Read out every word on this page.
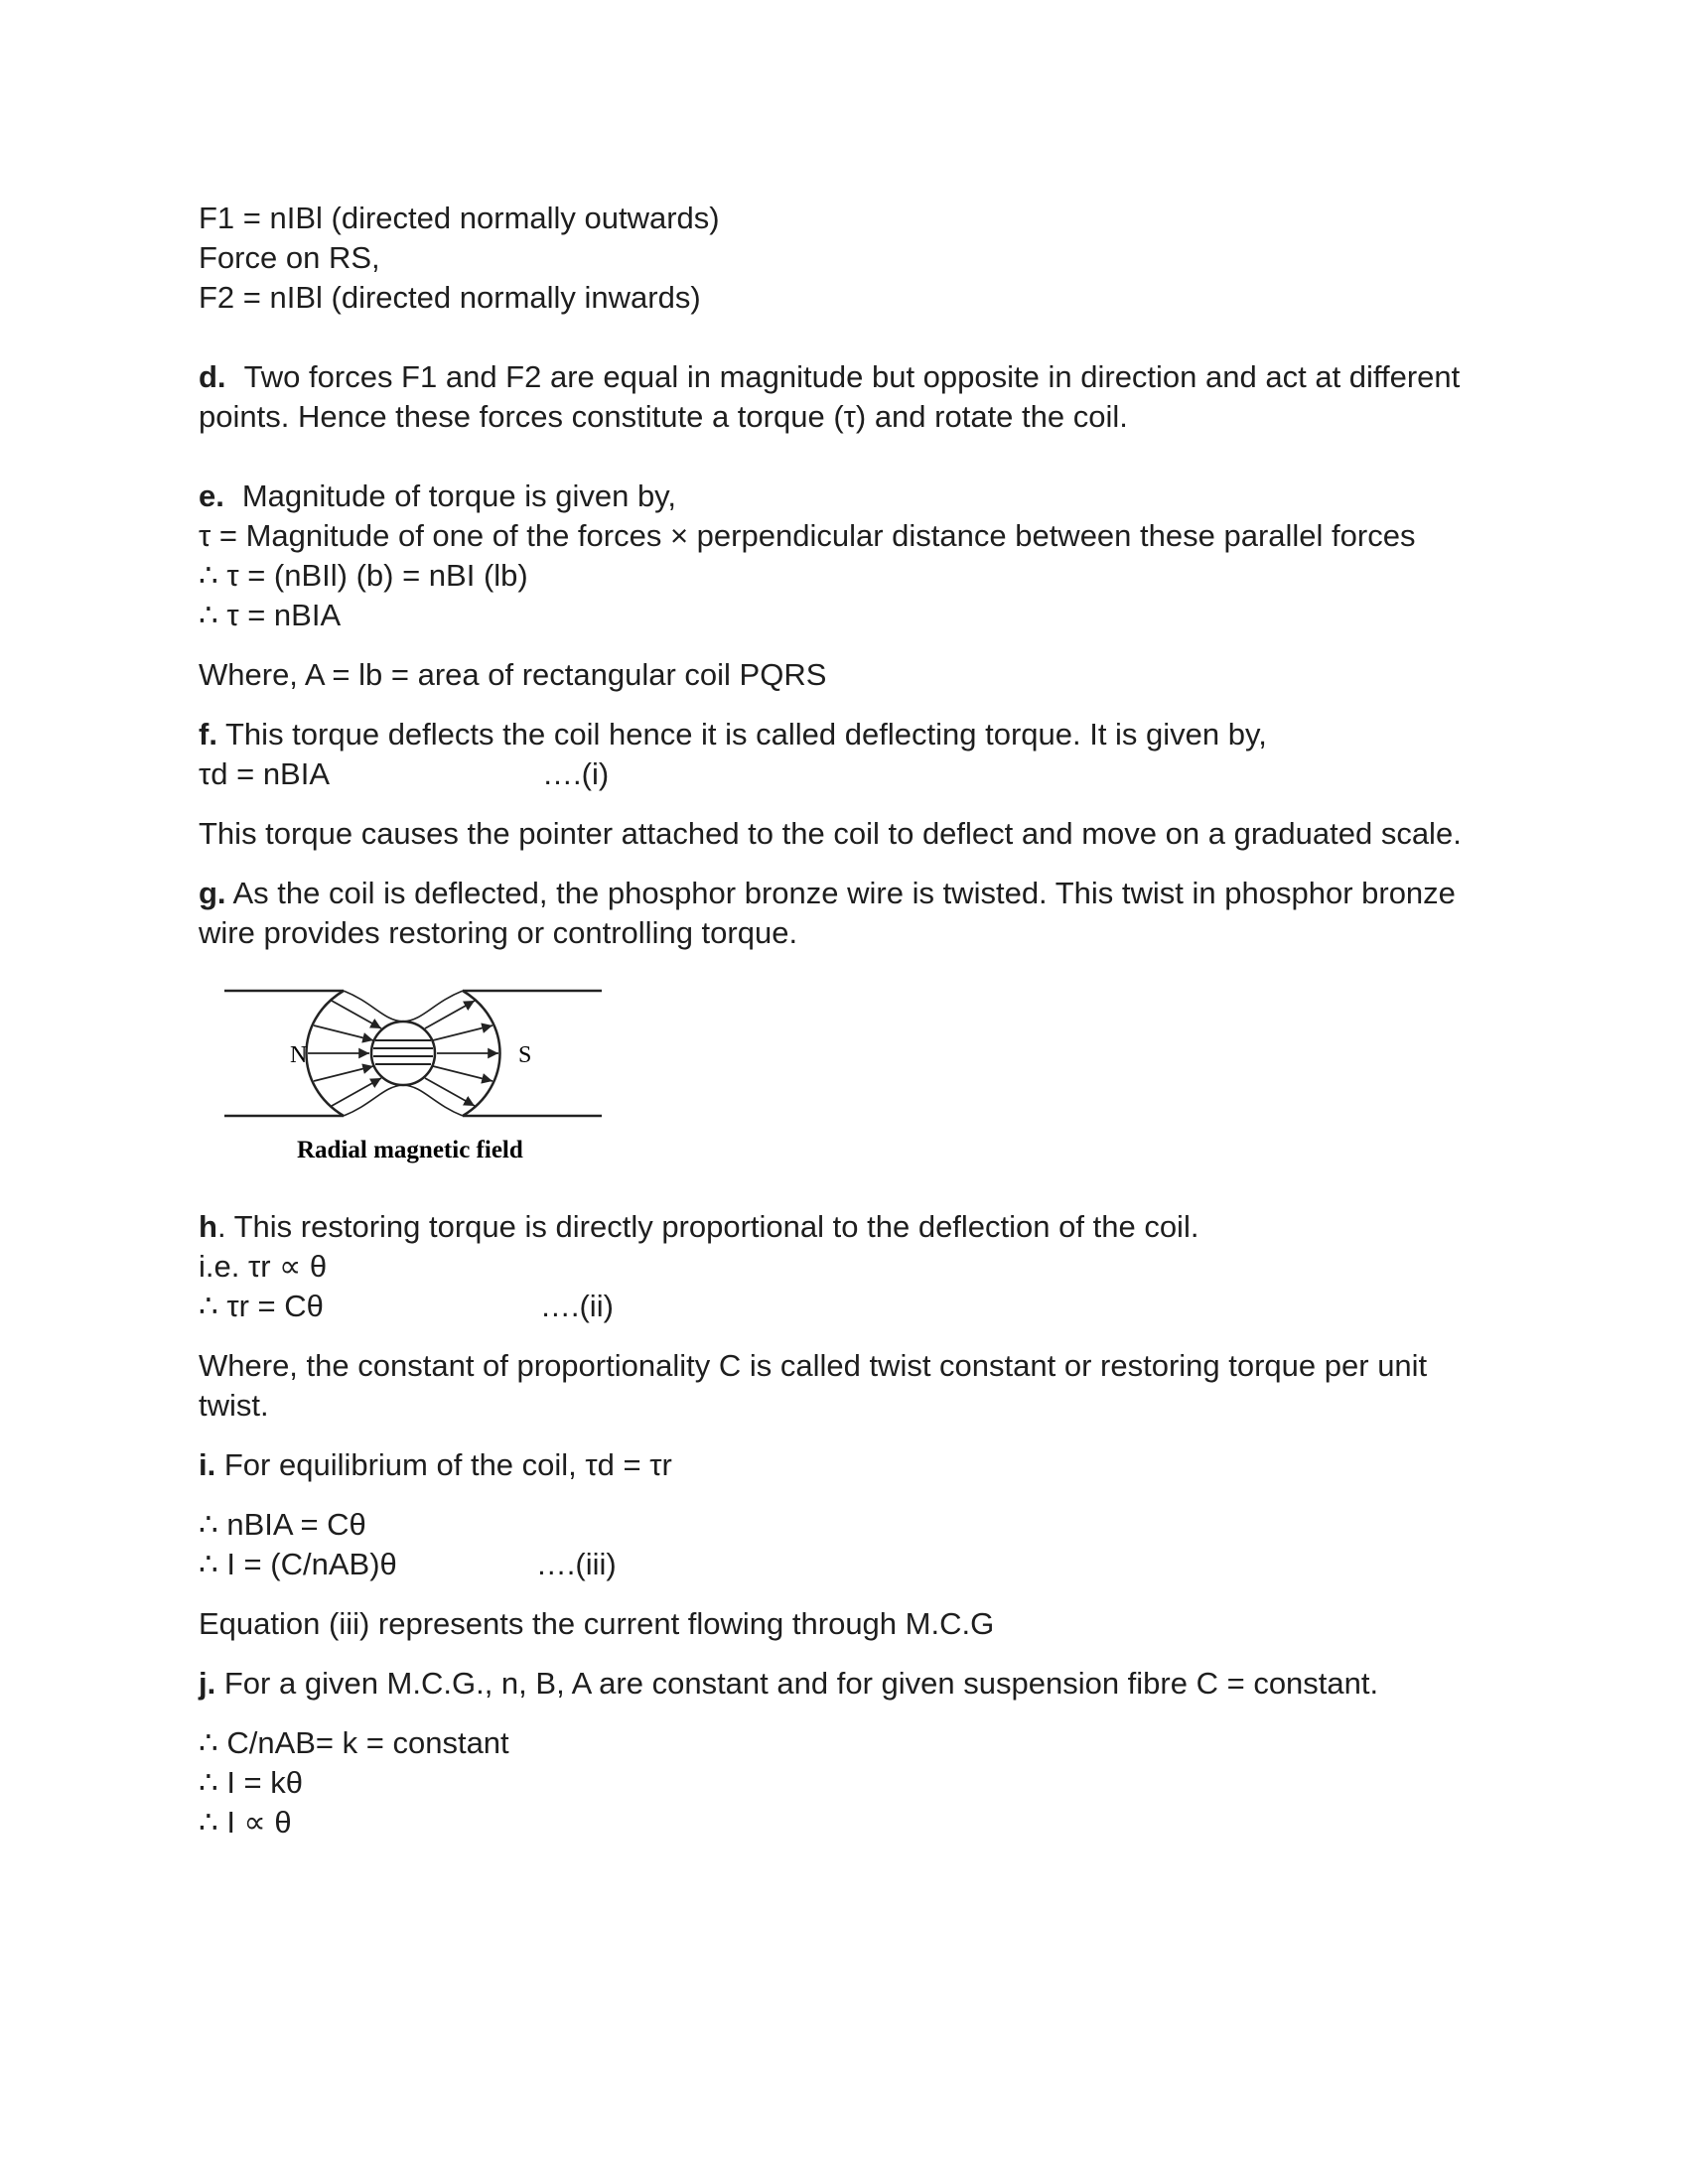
F1 = nIBl (directed normally outwards)

Force on RS,

F2 = nIBl (directed normally inwards)

d. Two forces F1 and F2 are equal in magnitude but opposite in direction and act at different points. Hence these forces constitute a torque (τ) and rotate the coil.

e. Magnitude of torque is given by,

τ = Magnitude of one of the forces × perpendicular distance between these parallel forces

∴ τ = (nBIl) (b) = nBI (lb)

∴ τ = nBIA

Where, A = lb = area of rectangular coil PQRS

f. This torque deflects the coil hence it is called deflecting torque. It is given by,

τd = nBIA	….(i)

This torque causes the pointer attached to the coil to deflect and move on a graduated scale.

g. As the coil is deflected, the phosphor bronze wire is twisted. This twist in phosphor bronze wire provides restoring or controlling torque.

N	S
Radial magnetic field

h. This restoring torque is directly proportional to the deflection of the coil.

i.e. τr ∝ θ

∴ τr = Cθ	….(ii)

Where, the constant of proportionality C is called twist constant or restoring torque per unit twist.

i. For equilibrium of the coil, τd = τr

∴ nBIA = Cθ

∴ I = (C/nAB)θ	….(iii)

Equation (iii) represents the current flowing through M.C.G

j. For a given M.C.G., n, B, A are constant and for given suspension fibre C = constant.

∴ C/nAB= k = constant

∴ I = kθ

∴ I ∝ θ
